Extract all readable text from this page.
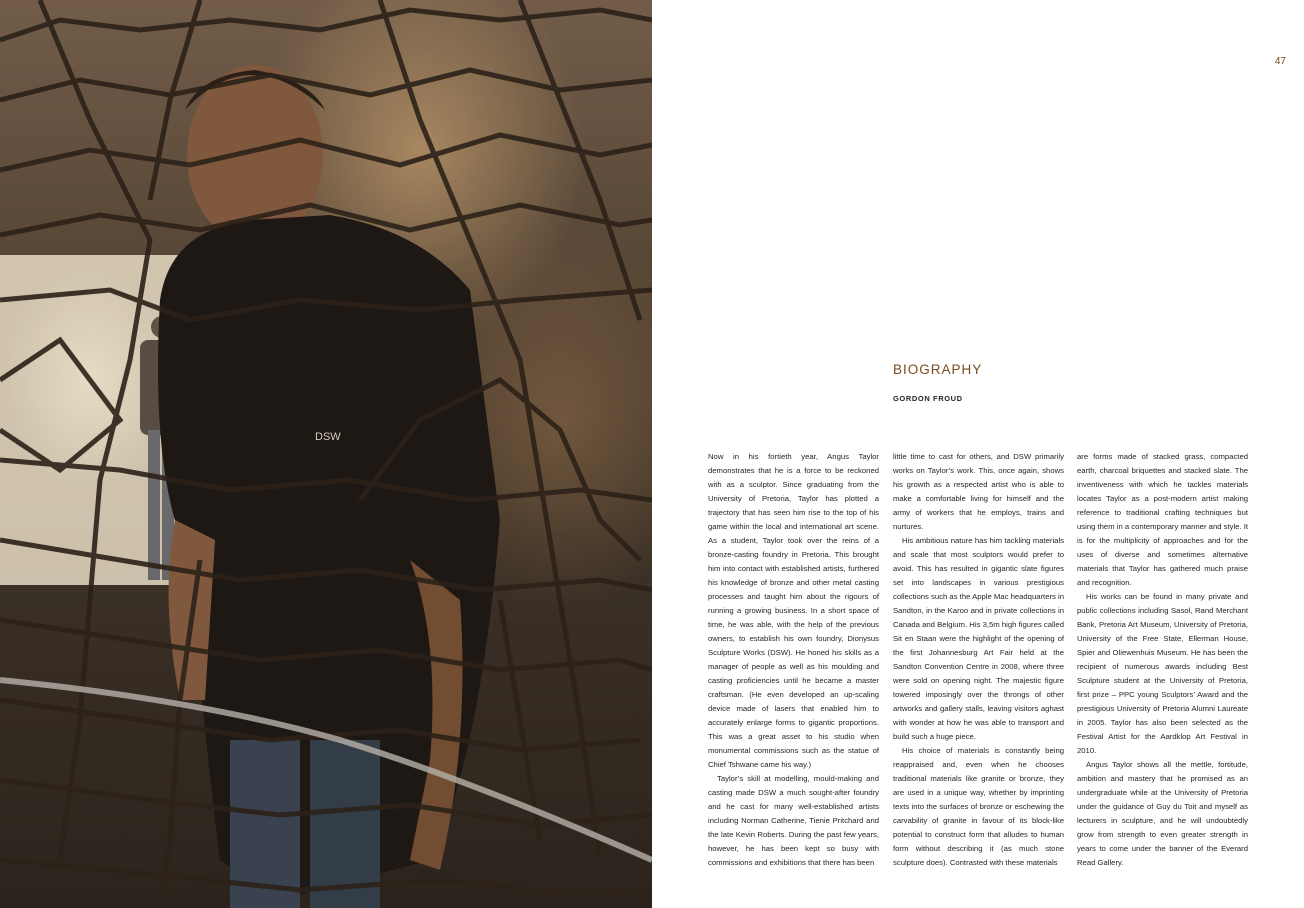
DSW
47
BIOGRAPHY
GORDON FROUD

Now in his fortieth year, Angus Taylor demonstrates that he is a force to be reckoned with as a sculptor. Since graduating from the University of Pretoria, Taylor has plotted a trajectory that has seen him rise to the top of his game within the local and international art scene. As a student, Taylor took over the reins of a bronze-casting foundry in Pretoria. This brought him into contact with established artists, furthered his knowledge of bronze and other metal casting processes and taught him about the rigours of running a growing business. In a short space of time, he was able, with the help of the previous owners, to establish his own foundry, Dionysus Sculpture Works (DSW). He honed his skills as a manager of people as well as his moulding and casting proficiencies until he became a master craftsman. (He even developed an up-scaling device made of lasers that enabled him to accurately enlarge forms to gigantic proportions. This was a great asset to his studio when monumental commissions such as the statue of Chief Tshwane came his way.)

Taylor’s skill at modelling, mould-making and casting made DSW a much sought-after foundry and he cast for many well-established artists including Norman Catherine, Tienie Pritchard and the late Kevin Roberts. During the past few years, however, he has been kept so busy with commissions and exhibitions that there has been

little time to cast for others, and DSW primarily works on Taylor’s work. This, once again, shows his growth as a respected artist who is able to make a comfortable living for himself and the army of workers that he employs, trains and nurtures.

His ambitious nature has him tackling materials and scale that most sculptors would prefer to avoid. This has resulted in gigantic slate figures set into landscapes in various prestigious collections such as the Apple Mac headquarters in Sandton, in the Karoo and in private collections in Canada and Belgium. His 3,5m high figures called Sit en Staan were the highlight of the opening of the first Johannesburg Art Fair held at the Sandton Convention Centre in 2008, where three were sold on opening night. The majestic figure towered imposingly over the throngs of other artworks and gallery stalls, leaving visitors aghast with wonder at how he was able to transport and build such a huge piece.

His choice of materials is constantly being reappraised and, even when he chooses traditional materials like granite or bronze, they are used in a unique way, whether by imprinting texts into the surfaces of bronze or eschewing the carvability of granite in favour of its block-like potential to construct form that alludes to human form without describing it (as much stone sculpture does). Contrasted with these materials

are forms made of stacked grass, compacted earth, charcoal briquettes and stacked slate. The inventiveness with which he tackles materials locates Taylor as a post-modern artist making reference to traditional crafting techniques but using them in a contemporary manner and style. It is for the multiplicity of approaches and for the uses of diverse and sometimes alternative materials that Taylor has gathered much praise and recognition.

His works can be found in many private and public collections including Sasol, Rand Merchant Bank, Pretoria Art Museum, University of Pretoria, University of the Free State, Ellerman House, Spier and Oliewenhuis Museum. He has been the recipient of numerous awards including Best Sculpture student at the University of Pretoria, first prize – PPC young Sculptors’ Award and the prestigious University of Pretoria Alumni Laureate in 2005. Taylor has also been selected as the Festival Artist for the Aardklop Art Festival in 2010.

Angus Taylor shows all the mettle, fortitude, ambition and mastery that he promised as an undergraduate while at the University of Pretoria under the guidance of Guy du Toit and myself as lecturers in sculpture, and he will undoubtedly grow from strength to even greater strength in years to come under the banner of the Everard Read Gallery.
